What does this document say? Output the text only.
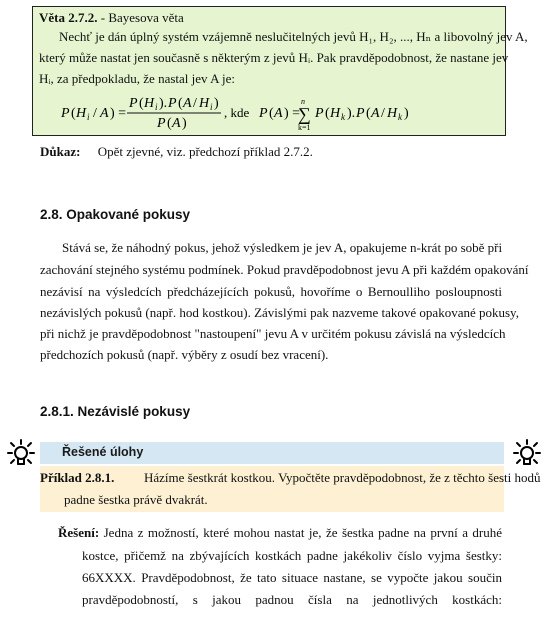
Věta 2.7.2. - Bayesova věta
Nechť je dán úplný systém vzájemně neslučitelných jevů H₁, H₂, ..., Hₙ a libovolný jev A,
který může nastat jen současně s některým z jevů Hᵢ. Pak pravděpodobnost, že nastane jev
Hᵢ, za předpokladu, že nastal jev A je:
P ( H i / A ) =
P ( H i ). P ( A / H i )
P ( A )
, kde P ( A ) =
n
∑
k=1
P ( H k ). P ( A / H k )
Důkaz: Opět zjevné, viz. předchozí příklad 2.7.2.
2.8. Opakované pokusy
Stává se, že náhodný pokus, jehož výsledkem je jev A, opakujeme n-krát po sobě při
zachování stejného systému podmínek. Pokud pravděpodobnost jevu A při každém opakování
nezávisí na výsledcích předcházejících pokusů, hovoříme o Bernoulliho posloupnosti
nezávislých pokusů (např. hod kostkou). Závislými pak nazveme takové opakované pokusy,
při nichž je pravděpodobnost "nastoupení" jevu A v určitém pokusu závislá na výsledcích
předchozích pokusů (např. výběry z osudí bez vracení).
2.8.1. Nezávislé pokusy
Řešené úlohy
Příklad 2.8.1. Házíme šestkrát kostkou. Vypočtěte pravděpodobnost, že z těchto šesti hodů
padne šestka právě dvakrát.
Řešení: Jedna z možností, které mohou nastat je, že šestka padne na první a druhé
kostce, přičemž na zbývajících kostkách padne jakékoliv číslo vyjma šestky:
66XXXX. Pravděpodobnost, že tato situace nastane, se vypočte jakou součin
pravděpodobností, s jakou padnou čísla na jednotlivých kostkách:
